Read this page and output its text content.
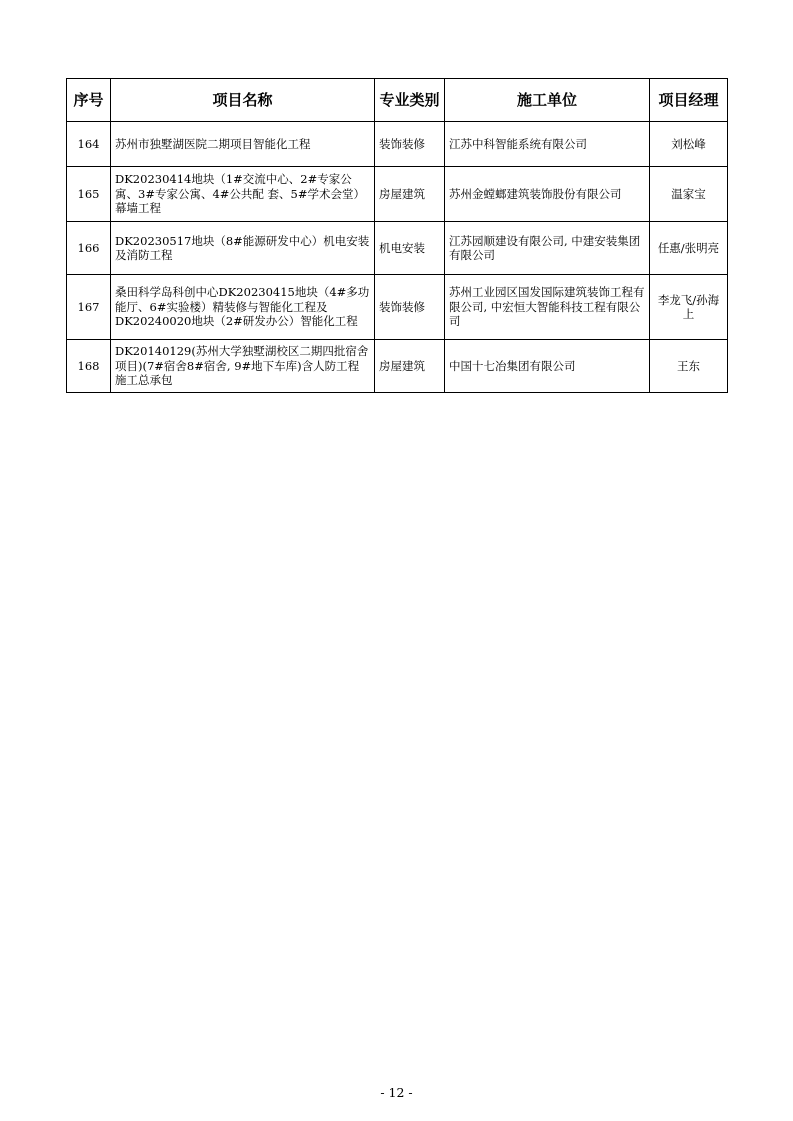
序号	项目名称	专业类别	施工单位	项目经理
164	苏州市独墅湖医院二期项目智能化工程	装饰装修	江苏中科智能系统有限公司	刘松峰
165	DK20230414地块（1#交流中心、2#专家公寓、3#专家公寓、4#公共配 套、5#学术会堂）幕墙工程	房屋建筑	苏州金螳螂建筑装饰股份有限公司	温家宝
166	DK20230517地块（8#能源研发中心）机电安装及消防工程	机电安装	江苏园顺建设有限公司, 中建安装集团有限公司	任惠/张明亮
167	桑田科学岛科创中心DK20230415地块（4#多功能厅、6#实验楼）精装修与智能化工程及DK20240020地块（2#研发办公）智能化工程	装饰装修	苏州工业园区国发国际建筑装饰工程有限公司, 中宏恒大智能科技工程有限公司	李龙飞/孙海上
168	DK20140129(苏州大学独墅湖校区二期四批宿舍项目)(7#宿舍8#宿舍, 9#地下车库)含人防工程施工总承包	房屋建筑	中国十七冶集团有限公司	王东
- 12 -
